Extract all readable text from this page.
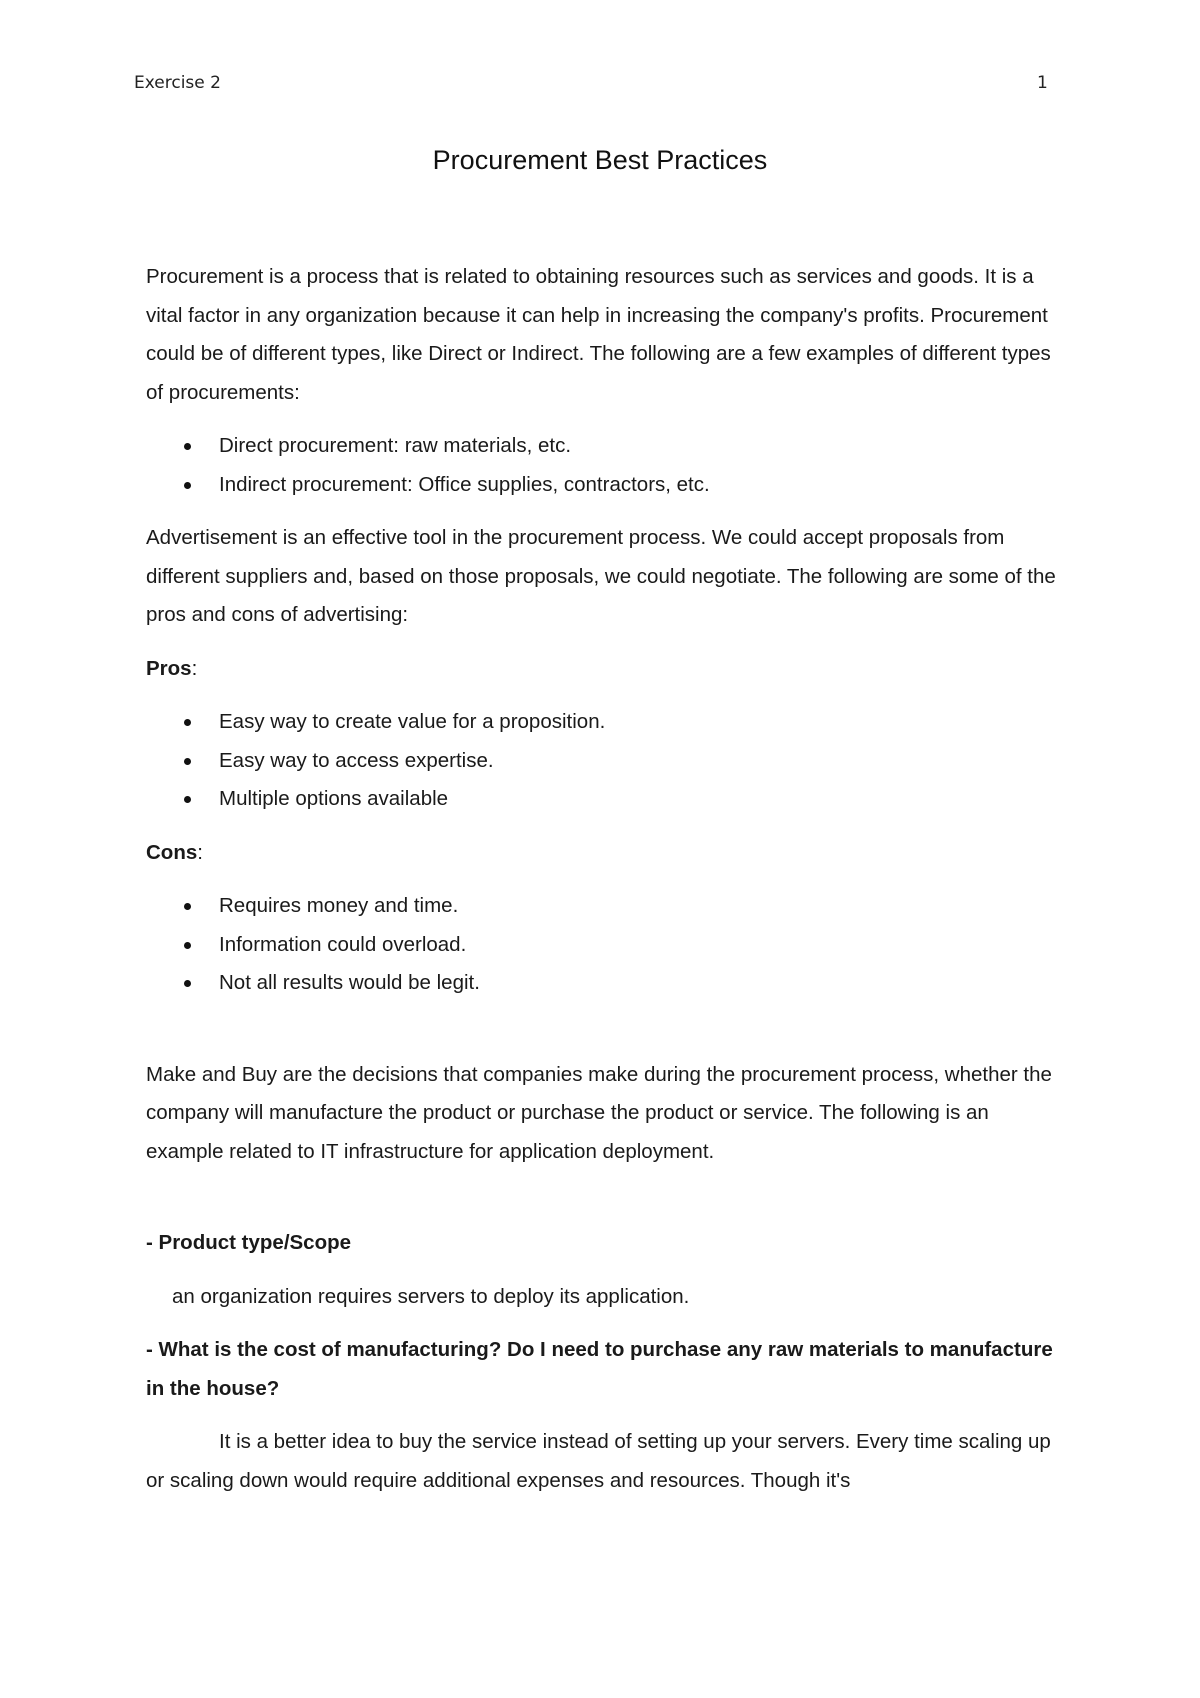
Exercise 2	1
Procurement Best Practices

Procurement is a process that is related to obtaining resources such as services and goods. It is a vital factor in any organization because it can help in increasing the company's profits. Procurement could be of different types, like Direct or Indirect. The following are a few examples of different types of procurements:

Direct procurement: raw materials, etc.
Indirect procurement: Office supplies, contractors, etc.

Advertisement is an effective tool in the procurement process. We could accept proposals from different suppliers and, based on those proposals, we could negotiate. The following are some of the pros and cons of advertising:

Pros:

Easy way to create value for a proposition.
Easy way to access expertise.
Multiple options available

Cons:

Requires money and time.
Information could overload.
Not all results would be legit.

Make and Buy are the decisions that companies make during the procurement process, whether the company will manufacture the product or purchase the product or service. The following is an example related to IT infrastructure for application deployment.

- Product type/Scope

an organization requires servers to deploy its application.

- What is the cost of manufacturing? Do I need to purchase any raw materials to manufacture in the house?

It is a better idea to buy the service instead of setting up your servers. Every time scaling up or scaling down would require additional expenses and resources. Though it's
